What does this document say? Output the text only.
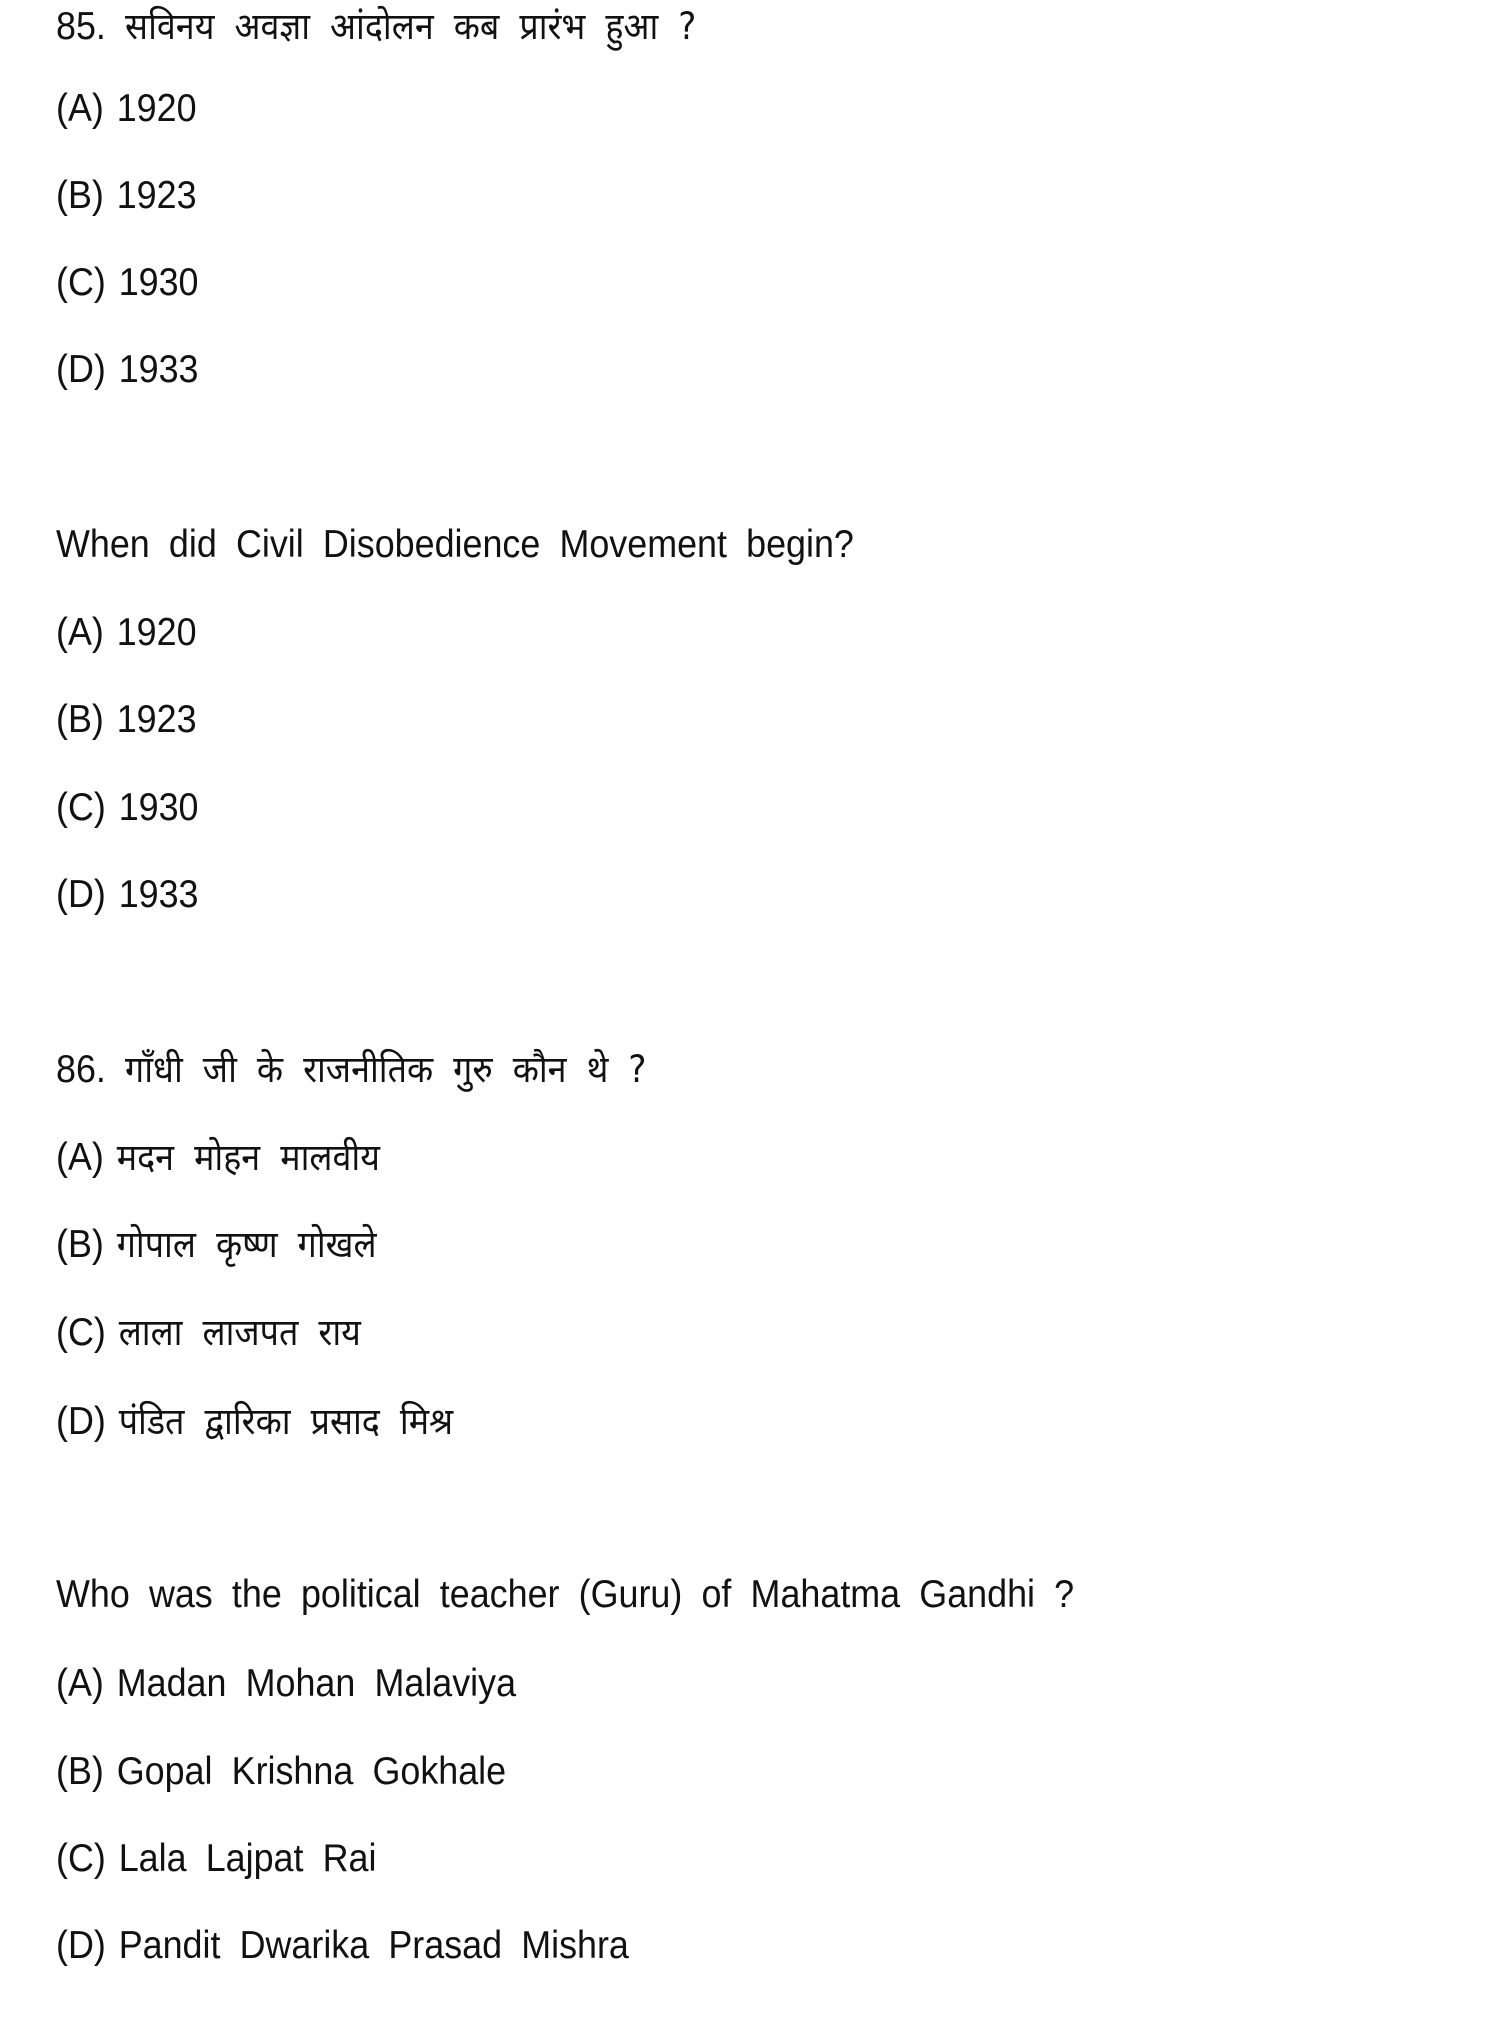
85. सविनय अवज्ञा आंदोलन कब प्रारंभ हुआ ?
(A) 1920
(B) 1923
(C) 1930
(D) 1933
When did Civil Disobedience Movement begin?
(A) 1920
(B) 1923
(C) 1930
(D) 1933
86. गाँधी जी के राजनीतिक गुरु कौन थे ?
(A) मदन मोहन मालवीय
(B) गोपाल कृष्ण गोखले
(C) लाला लाजपत राय
(D) पंडित द्वारिका प्रसाद मिश्र
Who was the political teacher (Guru) of Mahatma Gandhi ?
(A) Madan Mohan Malaviya
(B) Gopal Krishna Gokhale
(C) Lala Lajpat Rai
(D) Pandit Dwarika Prasad Mishra
